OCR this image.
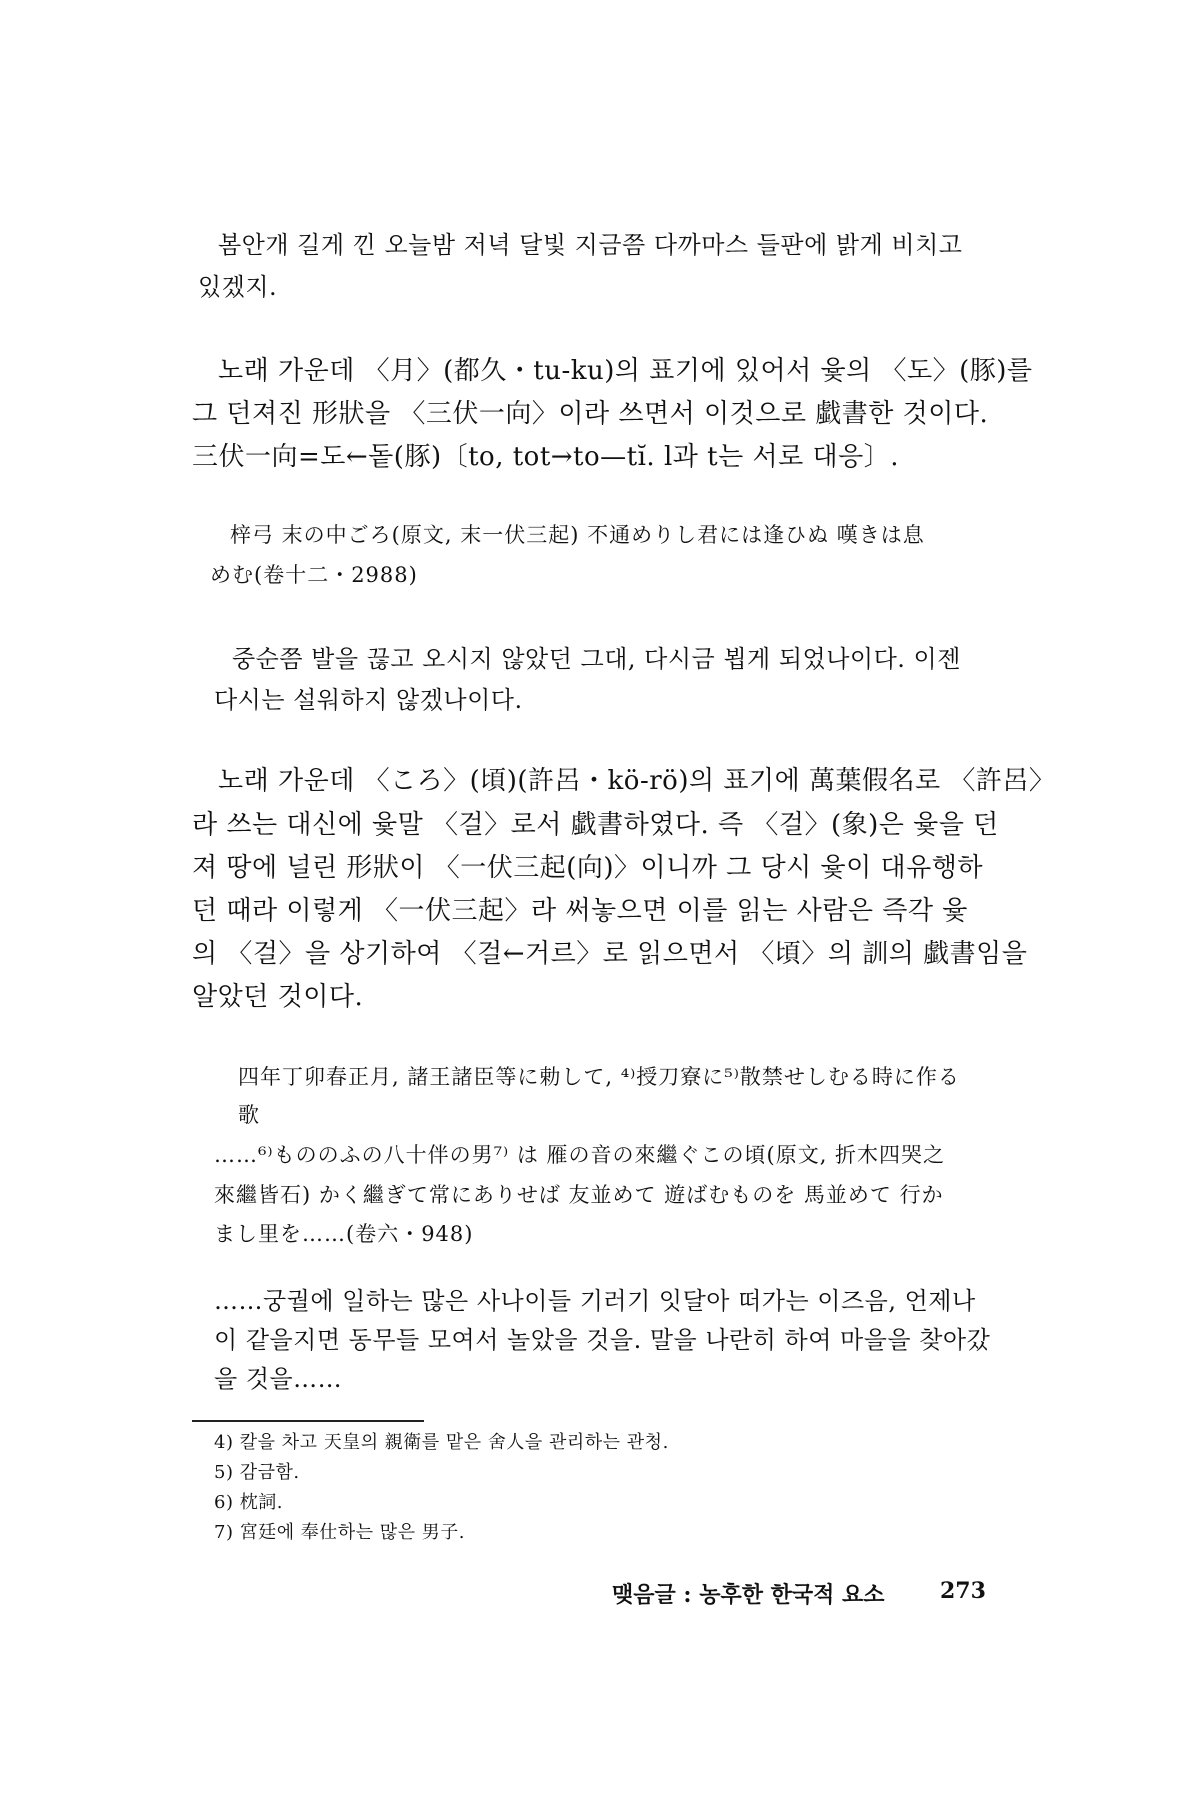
봄안개 길게 낀 오늘밤 저녁 달빛 지금쯤 다까마스 들판에 밝게 비치고
있겠지.
노래 가운데 〈月〉(都久・tu-ku)의 표기에 있어서 윷의 〈도〉(豚)를
그 던져진 形狀을 〈三伏一向〉이라 쓰면서 이것으로 戱書한 것이다.
三伏一向=도←돝(豚)〔to, tot→to—tĭ. l과 t는 서로 대응〕.
梓弓 末の中ごろ(原文, 末一伏三起) 不通めりし君には逢ひぬ 嘆きは息
めむ(卷十二・2988)
중순쯤 발을 끊고 오시지 않았던 그대, 다시금 뵙게 되었나이다. 이젠
다시는 설워하지 않겠나이다.
노래 가운데 〈ころ〉(頃)(許呂・kö-rö)의 표기에 萬葉假名로 〈許呂〉
라 쓰는 대신에 윷말 〈걸〉로서 戱書하였다. 즉 〈걸〉(象)은 윷을 던
져 땅에 널린 形狀이 〈一伏三起(向)〉이니까 그 당시 윷이 대유행하
던 때라 이렇게 〈一伏三起〉라 써놓으면 이를 읽는 사람은 즉각 윷
의 〈걸〉을 상기하여 〈걸←거르〉로 읽으면서 〈頃〉의 訓의 戱書임을
알았던 것이다.
四年丁卯春正月, 諸王諸臣等に勅して, ⁴⁾授刀寮に⁵⁾散禁せしむる時に作る
歌
……⁶⁾もののふの八十伴の男⁷⁾ は 雁の音の來繼ぐこの頃(原文, 折木四哭之
來繼皆石) かく繼ぎて常にありせば 友並めて 遊ばむものを 馬並めて 行か
まし里を……(卷六・948)
……궁궐에 일하는 많은 사나이들 기러기 잇달아 떠가는 이즈음, 언제나
이 같을지면 동무들 모여서 놀았을 것을. 말을 나란히 하여 마을을 찾아갔
을 것을……
4) 칼을 차고 天皇의 親衛를 맡은 舍人을 관리하는 관청.
5) 감금함.
6) 枕詞.
7) 宮廷에 奉仕하는 많은 男子.
맺음글 : 농후한 한국적 요소	273
